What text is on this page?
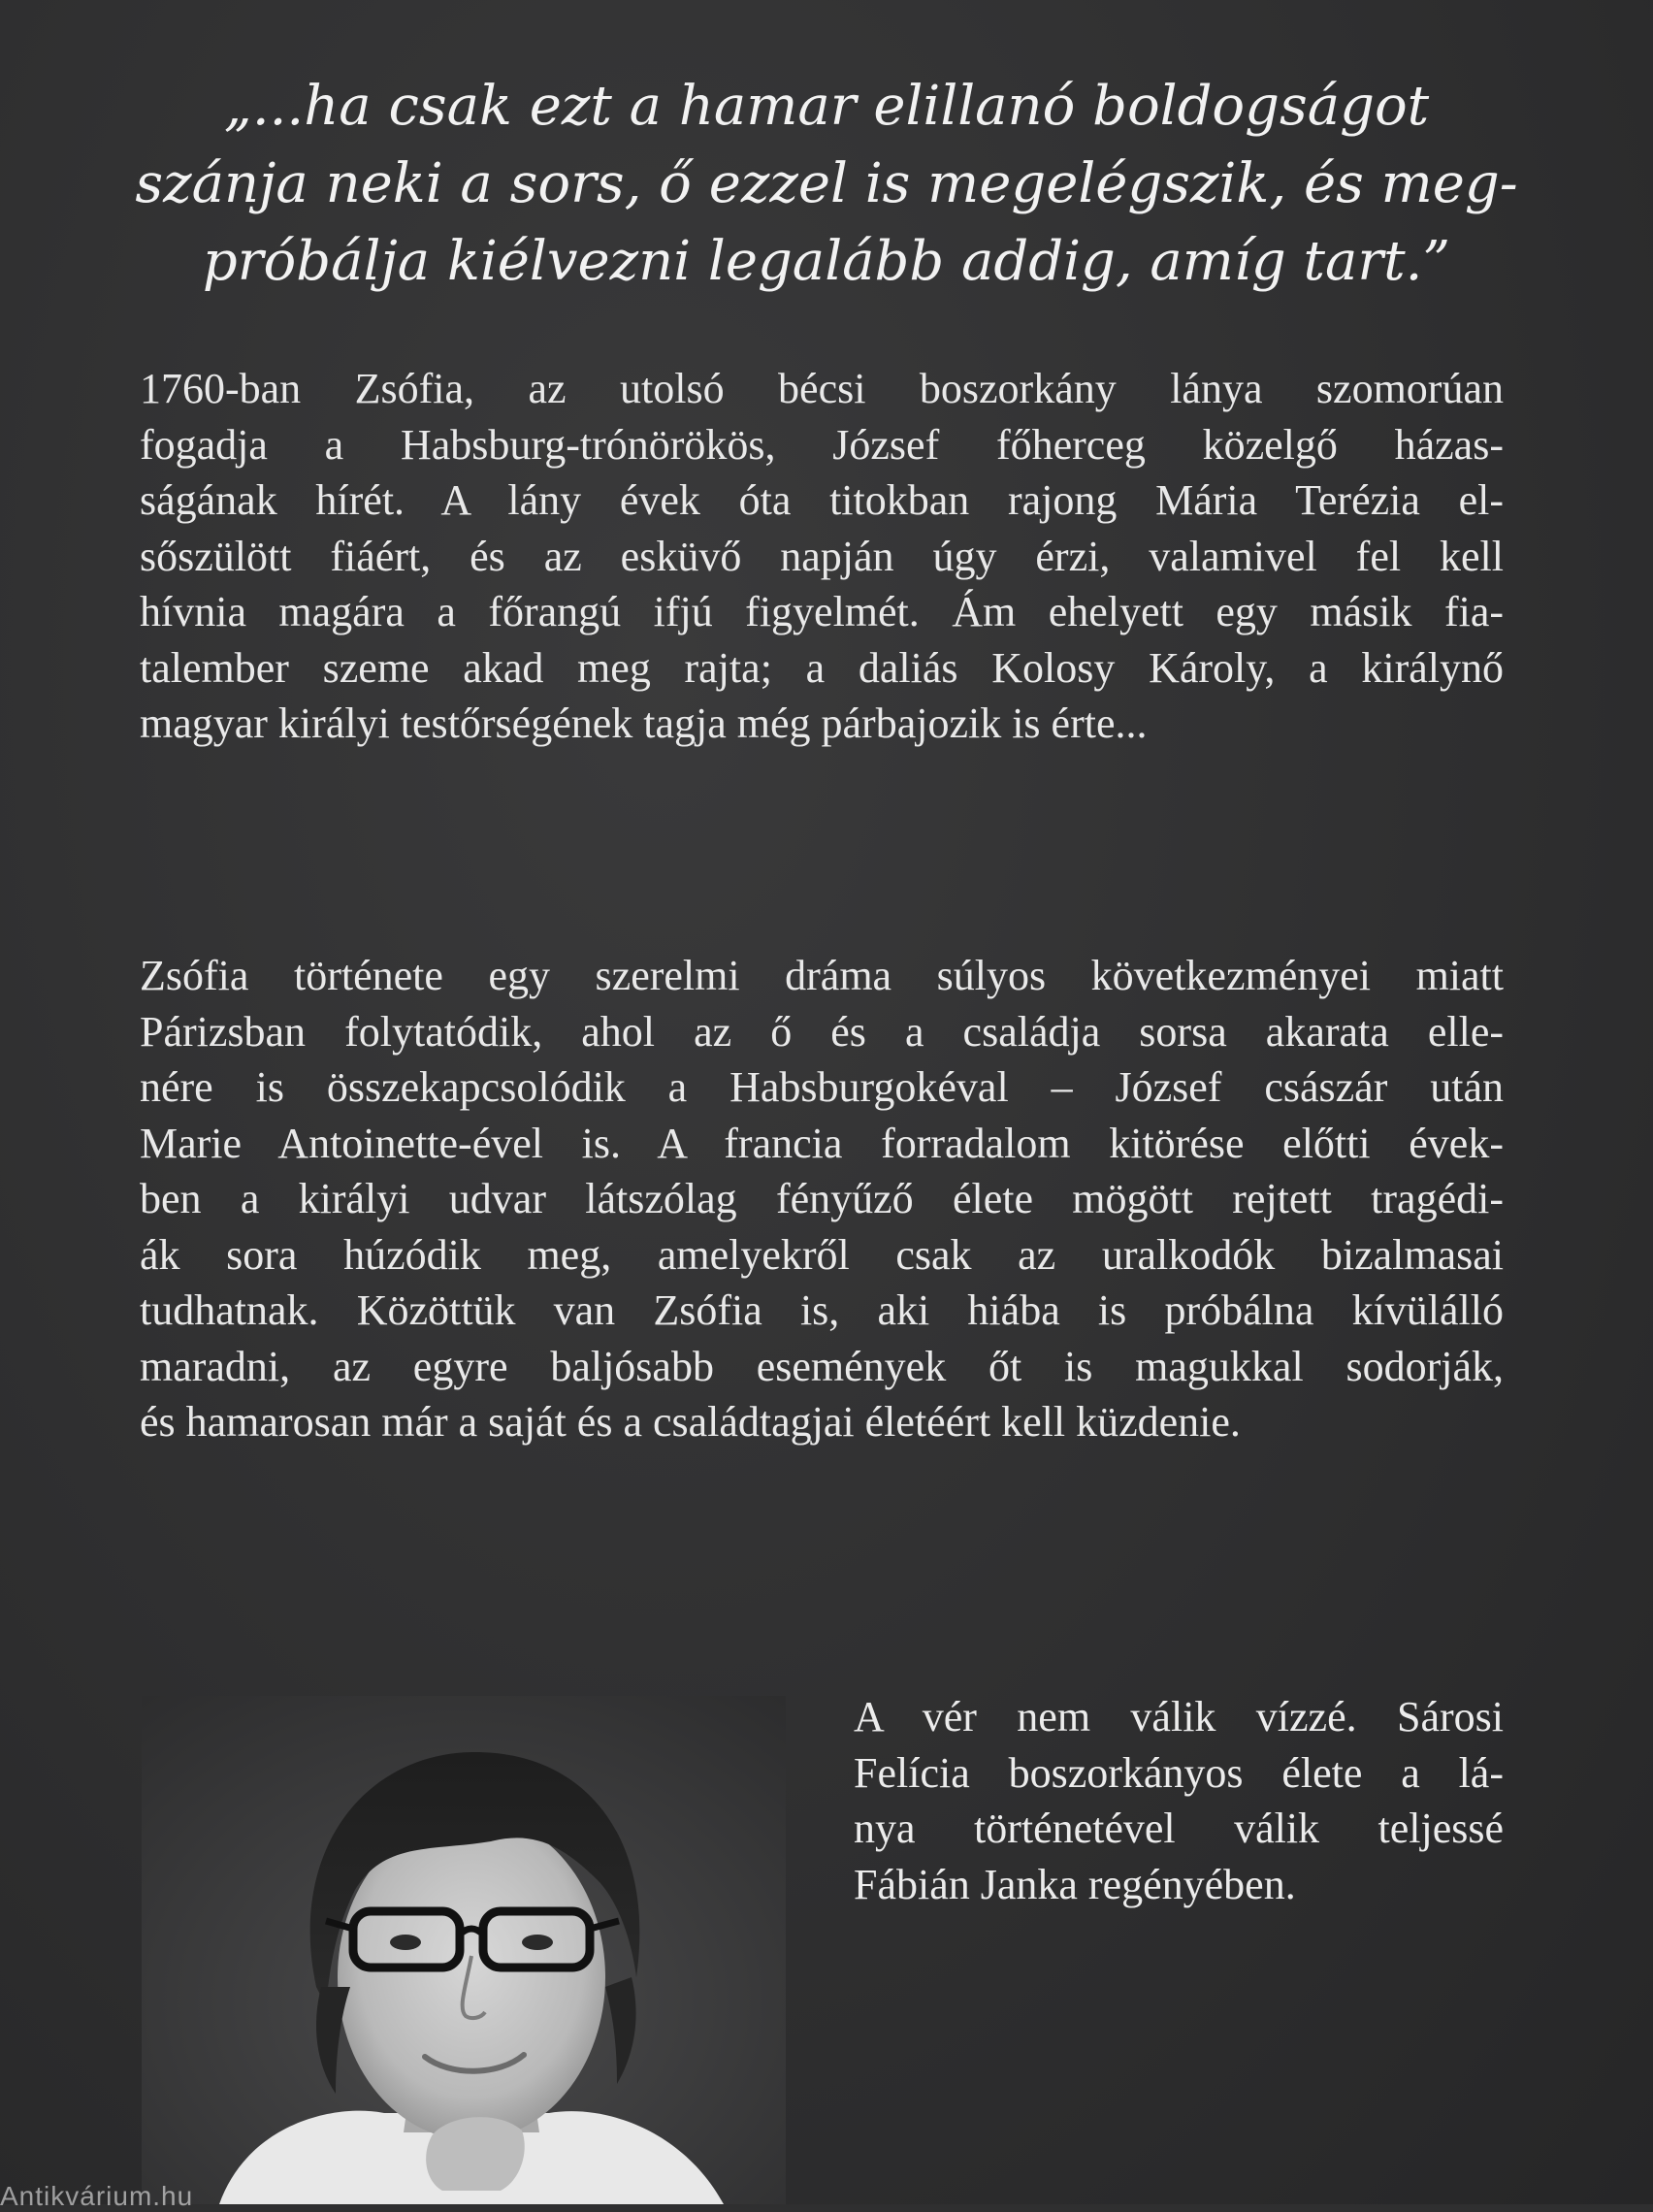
„...ha csak ezt a hamar elillanó boldogságot
szánja neki a sors, ő ezzel is megelégszik, és meg-
próbálja kiélvezni legalább addig, amíg tart.”
1760-ban Zsófia, az utolsó bécsi boszorkány lánya szomorúan
fogadja a Habsburg-trónörökös, József főherceg közelgő házas-
ságának hírét. A lány évek óta titokban rajong Mária Terézia el-
sőszülött fiáért, és az esküvő napján úgy érzi, valamivel fel kell
hívnia magára a főrangú ifjú figyelmét. Ám ehelyett egy másik fia-
talember szeme akad meg rajta; a daliás Kolosy Károly, a királynő
magyar királyi testőrségének tagja még párbajozik is érte...
Zsófia története egy szerelmi dráma súlyos következményei miatt
Párizsban folytatódik, ahol az ő és a családja sorsa akarata elle-
nére is összekapcsolódik a Habsburgokéval – József császár után
Marie Antoinette-ével is. A francia forradalom kitörése előtti évek-
ben a királyi udvar látszólag fényűző élete mögött rejtett tragédi-
ák sora húzódik meg, amelyekről csak az uralkodók bizalmasai
tudhatnak. Közöttük van Zsófia is, aki hiába is próbálna kívülálló
maradni, az egyre baljósabb események őt is magukkal sodorják,
és hamarosan már a saját és a családtagjai életéért kell küzdenie.
A vér nem válik vízzé. Sárosi
Felícia boszorkányos élete a lá-
nya történetével válik teljessé
Fábián Janka regényében.
Antikvárium.hu
